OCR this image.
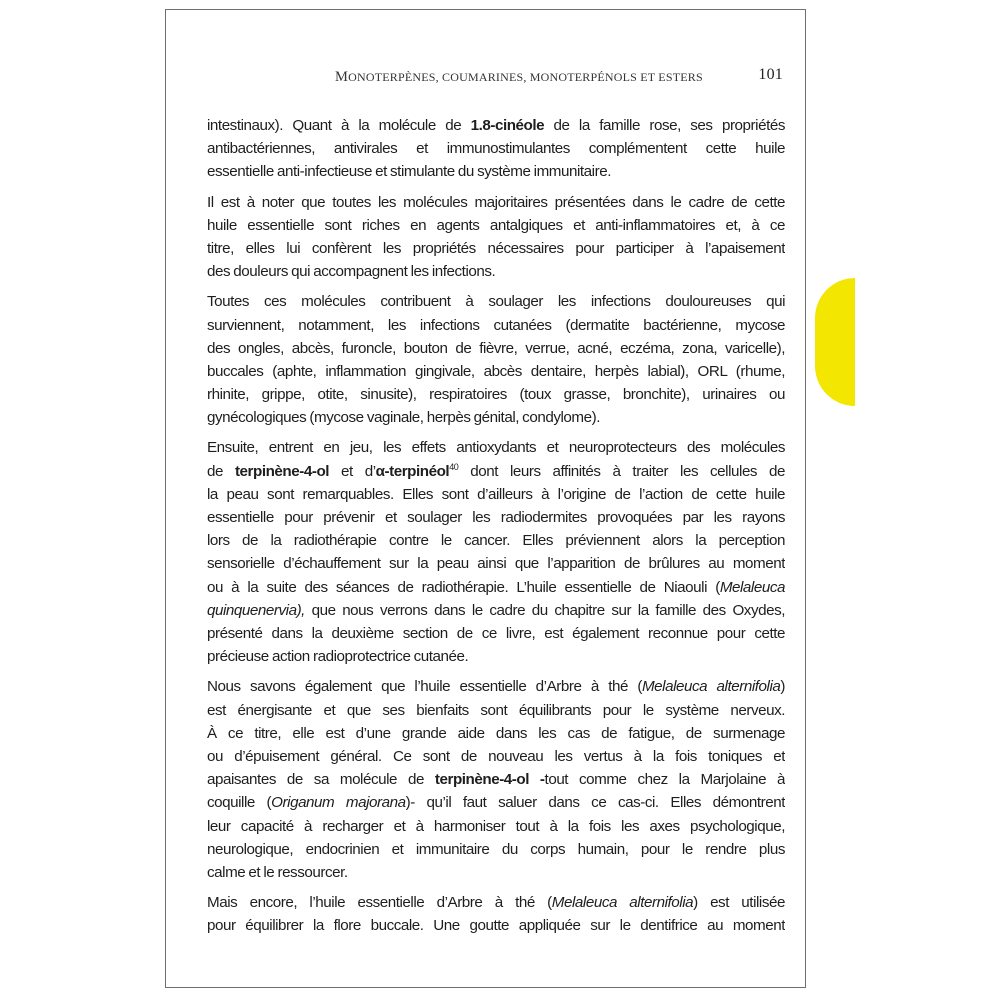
MONOTERPÈNES, COUMARINES, MONOTERPÉNOLS ET ESTERS	101
intestinaux). Quant à la molécule de 1.8-cinéole de la famille rose, ses propriétés
antibactériennes, antivirales et immunostimulantes complémentent cette huile
essentielle anti-infectieuse et stimulante du système immunitaire.
Il est à noter que toutes les molécules majoritaires présentées dans le cadre de cette
huile essentielle sont riches en agents antalgiques et anti-inflammatoires et, à ce
titre, elles lui confèrent les propriétés nécessaires pour participer à l’apaisement
des douleurs qui accompagnent les infections.
Toutes ces molécules contribuent à soulager les infections douloureuses qui
surviennent, notamment, les infections cutanées (dermatite bactérienne, mycose
des ongles, abcès, furoncle, bouton de fièvre, verrue, acné, eczéma, zona, varicelle),
buccales (aphte, inflammation gingivale, abcès dentaire, herpès labial), ORL (rhume,
rhinite, grippe, otite, sinusite), respiratoires (toux grasse, bronchite), urinaires ou
gynécologiques (mycose vaginale, herpès génital, condylome).
Ensuite, entrent en jeu, les effets antioxydants et neuroprotecteurs des molécules
de terpinène-4-ol et d’α-terpinéol$^{40}$ dont leurs affinités à traiter les cellules de
la peau sont remarquables. Elles sont d’ailleurs à l’origine de l’action de cette huile
essentielle pour prévenir et soulager les radiodermites provoquées par les rayons
lors de la radiothérapie contre le cancer. Elles préviennent alors la perception
sensorielle d’échauffement sur la peau ainsi que l’apparition de brûlures au moment
ou à la suite des séances de radiothérapie. L’huile essentielle de Niaouli (Melaleuca
quinquenervia), que nous verrons dans le cadre du chapitre sur la famille des Oxydes,
présenté dans la deuxième section de ce livre, est également reconnue pour cette
précieuse action radioprotectrice cutanée.
Nous savons également que l’huile essentielle d’Arbre à thé (Melaleuca alternifolia)
est énergisante et que ses bienfaits sont équilibrants pour le système nerveux.
À ce titre, elle est d’une grande aide dans les cas de fatigue, de surmenage
ou d’épuisement général. Ce sont de nouveau les vertus à la fois toniques et
apaisantes de sa molécule de terpinène-4-ol -tout comme chez la Marjolaine à
coquille (Origanum majorana)- qu’il faut saluer dans ce cas-ci. Elles démontrent
leur capacité à recharger et à harmoniser tout à la fois les axes psychologique,
neurologique, endocrinien et immunitaire du corps humain, pour le rendre plus
calme et le ressourcer.
Mais encore, l’huile essentielle d’Arbre à thé (Melaleuca alternifolia) est utilisée
pour équilibrer la flore buccale. Une goutte appliquée sur le dentifrice au moment
